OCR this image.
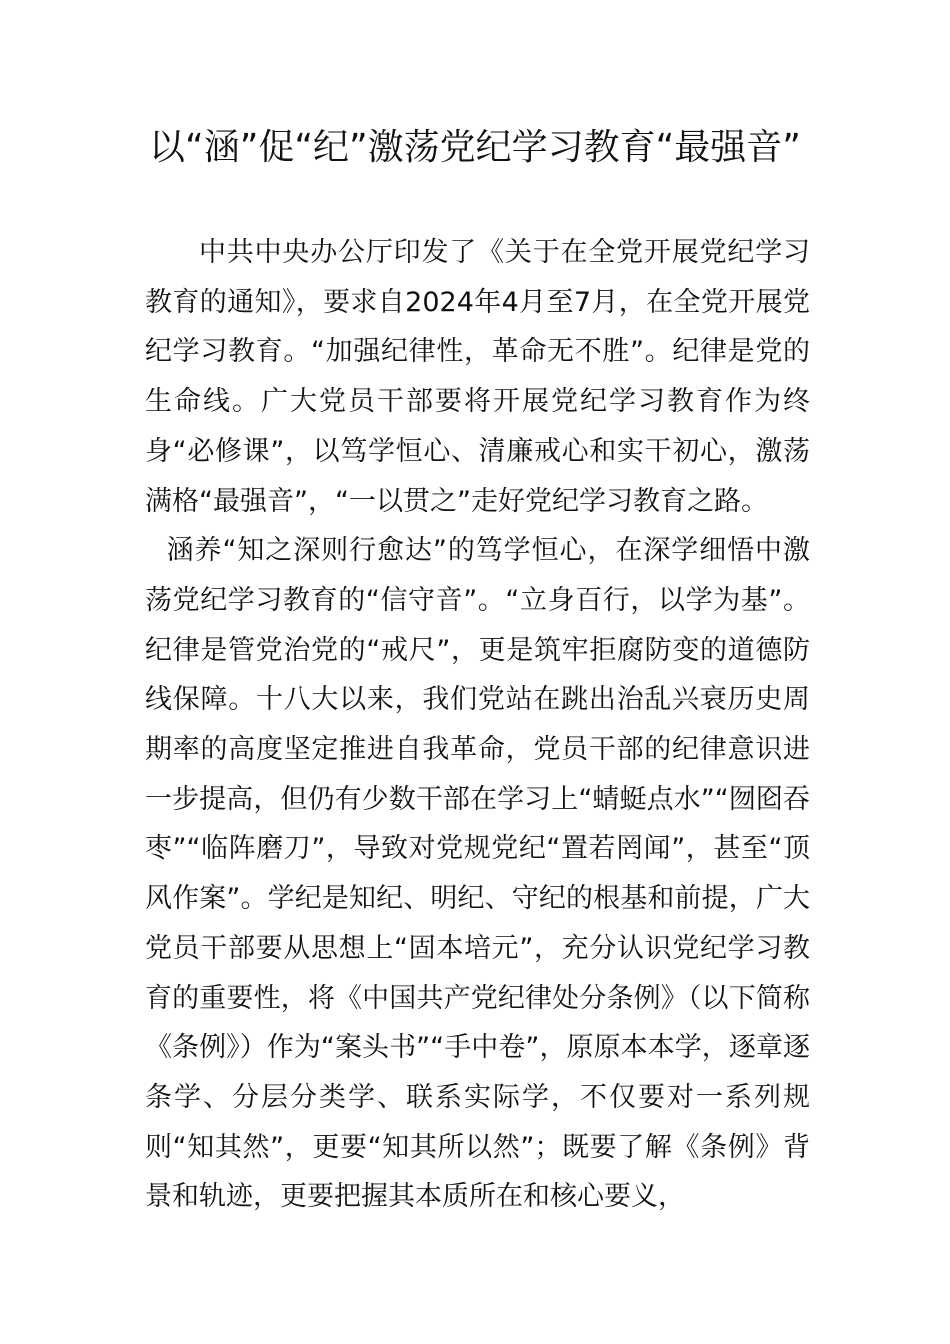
以“涵”促“纪”激荡党纪学习教育“最强音”

中共中央办公厅印发了《关于在全党开展党纪学习教育的通知》，要求自2024年4月至7月，在全党开展党纪学习教育。“加强纪律性，革命无不胜”。纪律是党的生命线。广大党员干部要将开展党纪学习教育作为终身“必修课”，以笃学恒心、清廉戒心和实干初心，激荡满格“最强音”，“一以贯之”走好党纪学习教育之路。

涵养“知之深则行愈达”的笃学恒心，在深学细悟中激荡党纪学习教育的“信守音”。“立身百行，以学为基”。纪律是管党治党的“戒尺”，更是筑牢拒腐防变的道德防线保障。十八大以来，我们党站在跳出治乱兴衰历史周期率的高度坚定推进自我革命，党员干部的纪律意识进一步提高，但仍有少数干部在学习上“蜻蜓点水”“囫囵吞枣”“临阵磨刀”，导致对党规党纪“置若罔闻”，甚至“顶风作案”。学纪是知纪、明纪、守纪的根基和前提，广大党员干部要从思想上“固本培元”，充分认识党纪学习教育的重要性，将《中国共产党纪律处分条例》（以下简称《条例》）作为“案头书”“手中卷”，原原本本学，逐章逐条学、分层分类学、联系实际学，不仅要对一系列规则“知其然”，更要“知其所以然”；既要了解《条例》背景和轨迹，更要把握其本质所在和核心要义，
